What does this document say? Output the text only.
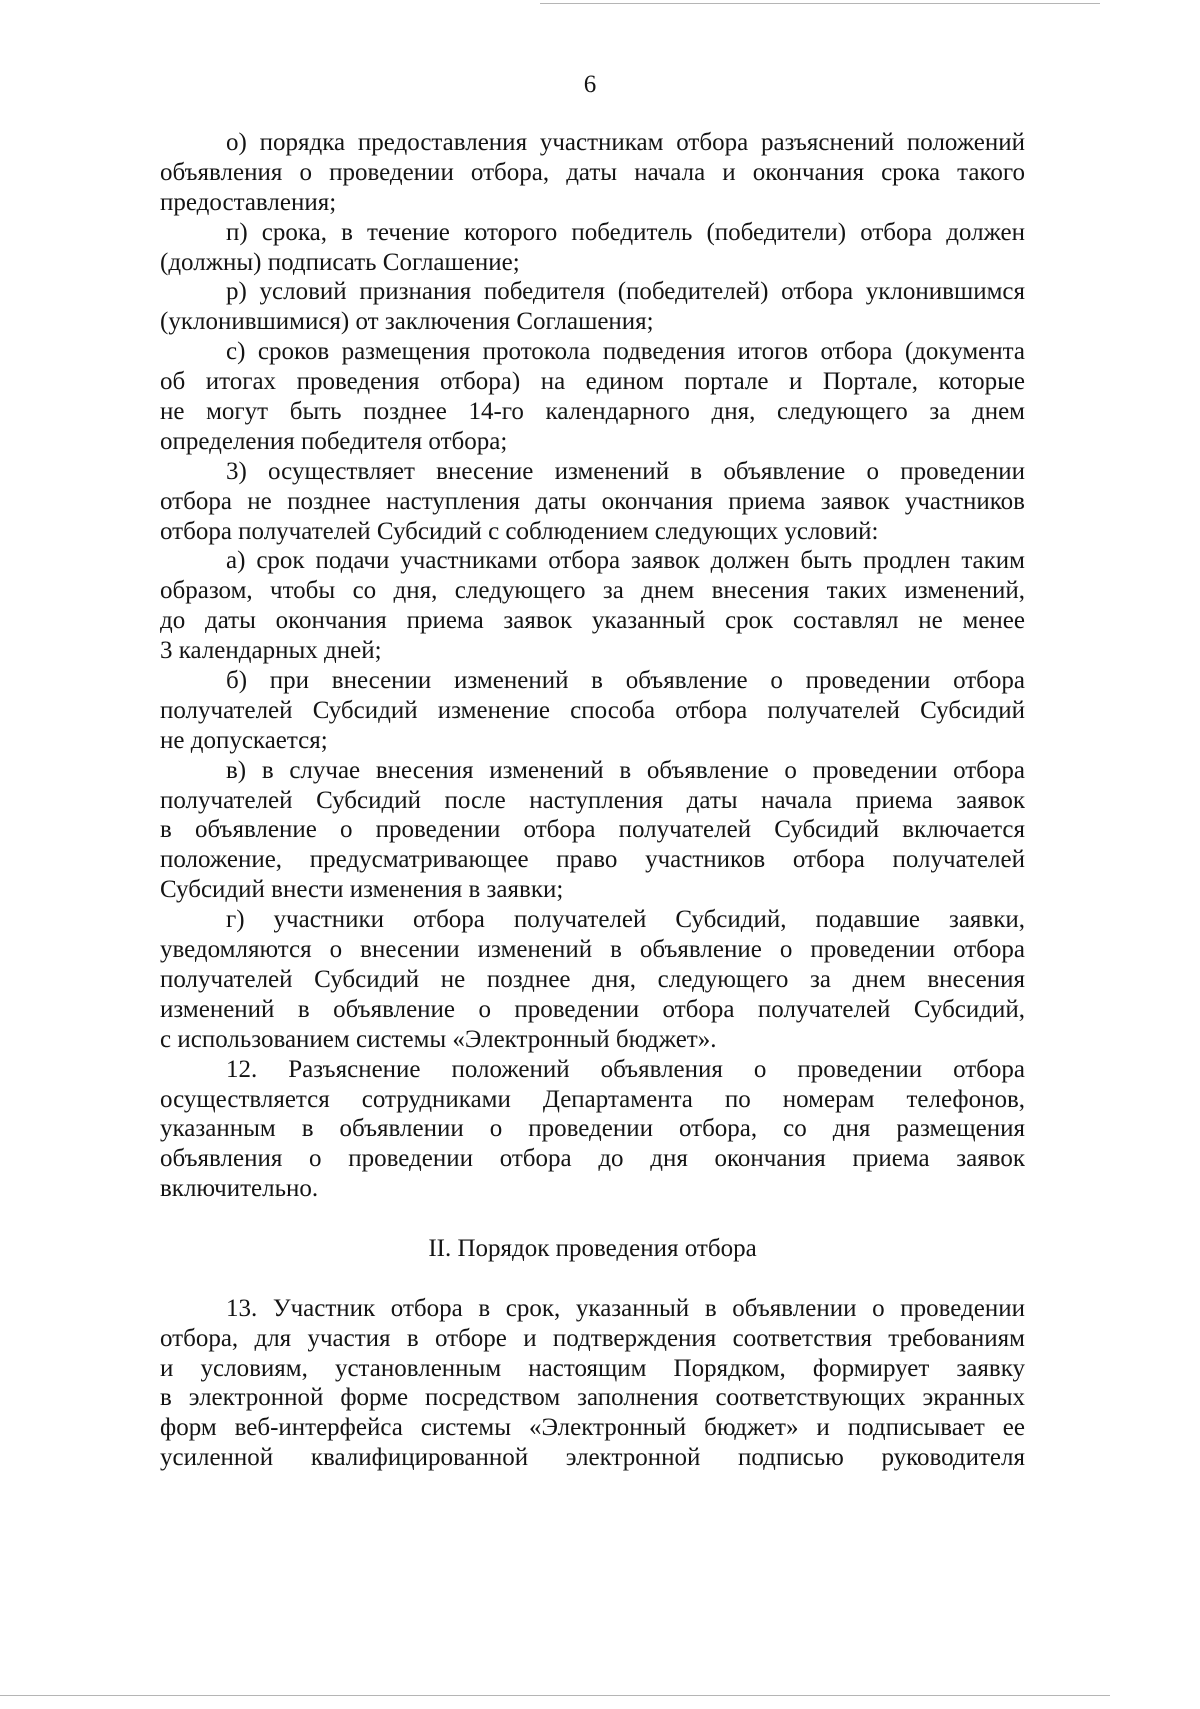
6
о) порядка предоставления участникам отбора разъяснений положений
объявления о проведении отбора, даты начала и окончания срока такого
предоставления;
п) срока, в течение которого победитель (победители) отбора должен
(должны) подписать Соглашение;
р) условий признания победителя (победителей) отбора уклонившимся
(уклонившимися) от заключения Соглашения;
с) сроков размещения протокола подведения итогов отбора (документа
об итогах проведения отбора) на едином портале и Портале, которые
не могут быть позднее 14-го календарного дня, следующего за днем
определения победителя отбора;
3) осуществляет внесение изменений в объявление о проведении
отбора не позднее наступления даты окончания приема заявок участников
отбора получателей Субсидий с соблюдением следующих условий:
а) срок подачи участниками отбора заявок должен быть продлен таким
образом, чтобы со дня, следующего за днем внесения таких изменений,
до даты окончания приема заявок указанный срок составлял не менее
3 календарных дней;
б) при внесении изменений в объявление о проведении отбора
получателей Субсидий изменение способа отбора получателей Субсидий
не допускается;
в) в случае внесения изменений в объявление о проведении отбора
получателей Субсидий после наступления даты начала приема заявок
в объявление о проведении отбора получателей Субсидий включается
положение, предусматривающее право участников отбора получателей
Субсидий внести изменения в заявки;
г) участники отбора получателей Субсидий, подавшие заявки,
уведомляются о внесении изменений в объявление о проведении отбора
получателей Субсидий не позднее дня, следующего за днем внесения
изменений в объявление о проведении отбора получателей Субсидий,
с использованием системы «Электронный бюджет».
12. Разъяснение положений объявления о проведении отбора
осуществляется сотрудниками Департамента по номерам телефонов,
указанным в объявлении о проведении отбора, со дня размещения
объявления о проведении отбора до дня окончания приема заявок
включительно.
II. Порядок проведения отбора
13. Участник отбора в срок, указанный в объявлении о проведении
отбора, для участия в отборе и подтверждения соответствия требованиям
и условиям, установленным настоящим Порядком, формирует заявку
в электронной форме посредством заполнения соответствующих экранных
форм веб-интерфейса системы «Электронный бюджет» и подписывает ее
усиленной квалифицированной электронной подписью руководителя
